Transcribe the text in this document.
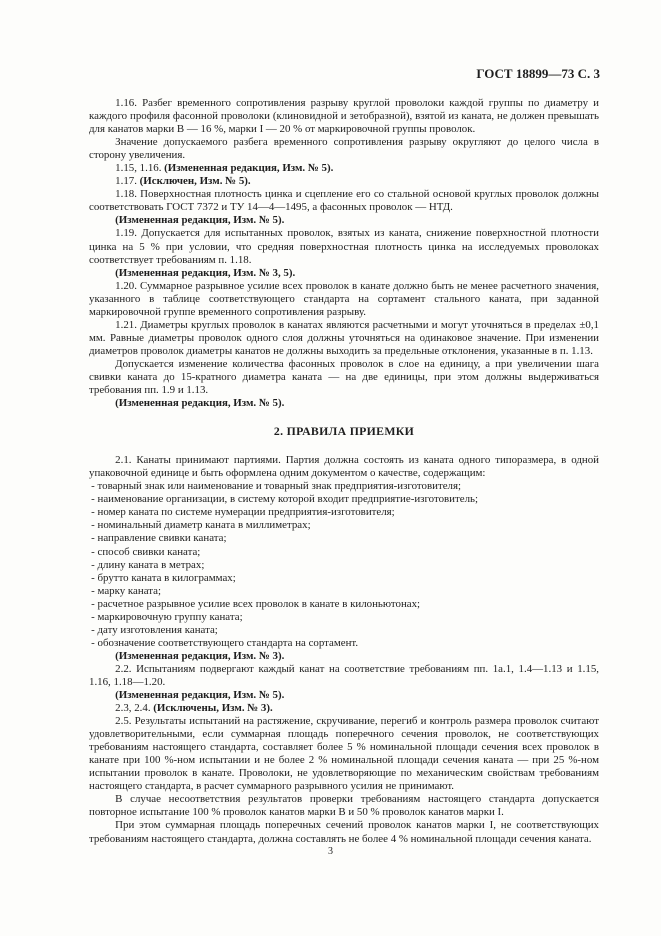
ГОСТ 18899—73 С. 3

1.16. Разбег временного сопротивления разрыву круглой проволоки каждой группы по диаметру и каждого профиля фасонной проволоки (клиновидной и зетобразной), взятой из каната, не должен превышать для канатов марки В — 16 %, марки I — 20 % от маркировочной группы проволок.

Значение допускаемого разбега временного сопротивления разрыву округляют до целого числа в сторону увеличения.

1.15, 1.16. (Измененная редакция, Изм. № 5).

1.17. (Исключен, Изм. № 5).

1.18. Поверхностная плотность цинка и сцепление его со стальной основой круглых проволок должны соответствовать ГОСТ 7372 и ТУ 14—4—1495, а фасонных проволок — НТД.

(Измененная редакция, Изм. № 5).

1.19. Допускается для испытанных проволок, взятых из каната, снижение поверхностной плотности цинка на 5 % при условии, что средняя поверхностная плотность цинка на исследуемых проволоках соответствует требованиям п. 1.18.

(Измененная редакция, Изм. № 3, 5).

1.20. Суммарное разрывное усилие всех проволок в канате должно быть не менее расчетного значения, указанного в таблице соответствующего стандарта на сортамент стального каната, при заданной маркировочной группе временного сопротивления разрыву.

1.21. Диаметры круглых проволок в канатах являются расчетными и могут уточняться в пределах ±0,1 мм. Равные диаметры проволок одного слоя должны уточняться на одинаковое значение. При изменении диаметров проволок диаметры канатов не должны выходить за предельные отклонения, указанные в п. 1.13.

Допускается изменение количества фасонных проволок в слое на единицу, а при увеличении шага свивки каната до 15-кратного диаметра каната — на две единицы, при этом должны выдерживаться требования пп. 1.9 и 1.13.

(Измененная редакция, Изм. № 5).

2. ПРАВИЛА ПРИЕМКИ

2.1. Канаты принимают партиями. Партия должна состоять из каната одного типоразмера, в одной упаковочной единице и быть оформлена одним документом о качестве, содержащим:

- товарный знак или наименование и товарный знак предприятия-изготовителя;

- наименование организации, в систему которой входит предприятие-изготовитель;

- номер каната по системе нумерации предприятия-изготовителя;

- номинальный диаметр каната в миллиметрах;

- направление свивки каната;

- способ свивки каната;

- длину каната в метрах;

- брутто каната в килограммах;

- марку каната;

- расчетное разрывное усилие всех проволок в канате в килоньютонах;

- маркировочную группу каната;

- дату изготовления каната;

- обозначение соответствующего стандарта на сортамент.

(Измененная редакция, Изм. № 3).

2.2. Испытаниям подвергают каждый канат на соответствие требованиям пп. 1а.1, 1.4—1.13 и 1.15, 1.16, 1.18—1.20.

(Измененная редакция, Изм. № 5).

2.3, 2.4. (Исключены, Изм. № 3).

2.5. Результаты испытаний на растяжение, скручивание, перегиб и контроль размера проволок считают удовлетворительными, если суммарная площадь поперечного сечения проволок, не соответствующих требованиям настоящего стандарта, составляет более 5 % номинальной площади сечения всех проволок в канате при 100 %-ном испытании и не более 2 % номинальной площади сечения каната — при 25 %-ном испытании проволок в канате. Проволоки, не удовлетворяющие по механическим свойствам требованиям настоящего стандарта, в расчет суммарного разрывного усилия не принимают.

В случае несоответствия результатов проверки требованиям настоящего стандарта допускается повторное испытание 100 % проволок канатов марки В и 50 % проволок канатов марки I.

При этом суммарная площадь поперечных сечений проволок канатов марки I, не соответствующих требованиям настоящего стандарта, должна составлять не более 4 % номинальной площади сечения каната.

3
